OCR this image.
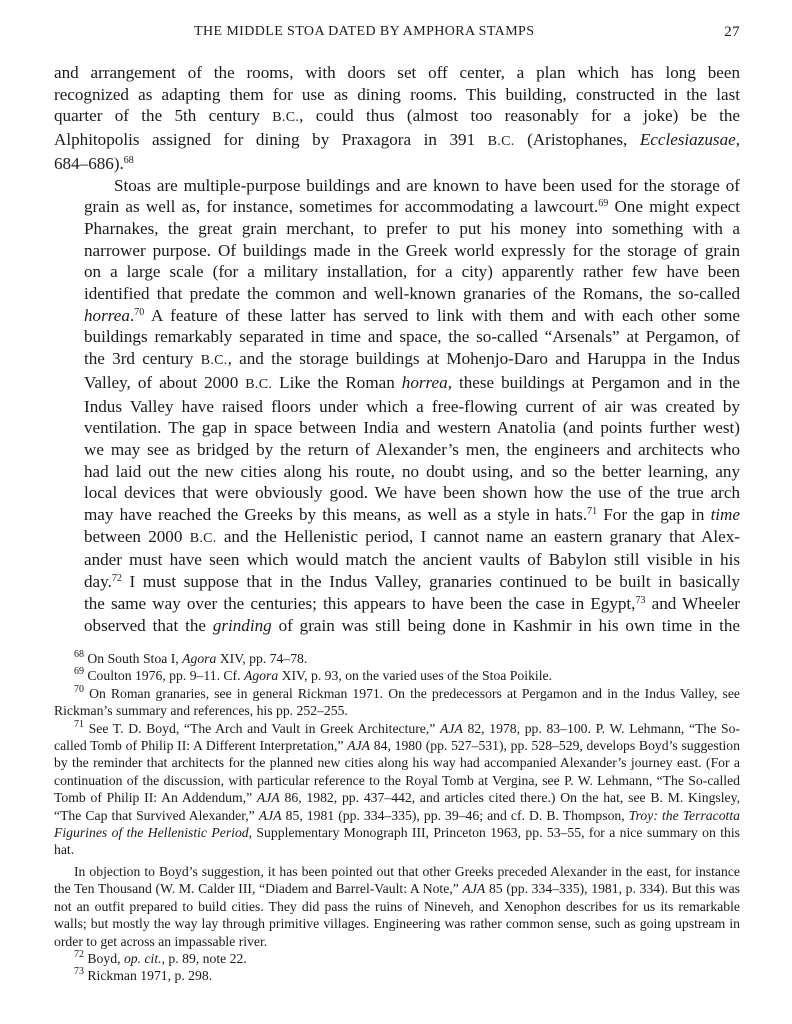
THE MIDDLE STOA DATED BY AMPHORA STAMPS	27

and arrangement of the rooms, with doors set off center, a plan which has long been
recognized as adapting them for use as dining rooms. This building, constructed in the last
quarter of the 5th century B.C., could thus (almost too reasonably for a joke) be the
Alphitopolis assigned for dining by Praxagora in 391 B.C. (Aristophanes, Ecclesiazusae,
684–686).$^{68}$

Stoas are multiple-purpose buildings and are known to have been used for the storage of
grain as well as, for instance, sometimes for accommodating a lawcourt.$^{69}$ One might expect
Pharnakes, the great grain merchant, to prefer to put his money into something with a
narrower purpose. Of buildings made in the Greek world expressly for the storage of grain
on a large scale (for a military installation, for a city) apparently rather few have been
identified that predate the common and well-known granaries of the Romans, the so-called
horrea.$^{70}$ A feature of these latter has served to link with them and with each other some
buildings remarkably separated in time and space, the so-called “Arsenals” at Pergamon, of
the 3rd century B.C., and the storage buildings at Mohenjo-Daro and Haruppa in the Indus
Valley, of about 2000 B.C. Like the Roman horrea, these buildings at Pergamon and in the
Indus Valley have raised floors under which a free-flowing current of air was created by
ventilation. The gap in space between India and western Anatolia (and points further west)
we may see as bridged by the return of Alexander’s men, the engineers and architects who
had laid out the new cities along his route, no doubt using, and so the better learning, any
local devices that were obviously good. We have been shown how the use of the true arch
may have reached the Greeks by this means, as well as a style in hats.$^{71}$ For the gap in time
between 2000 B.C. and the Hellenistic period, I cannot name an eastern granary that Alex-
ander must have seen which would match the ancient vaults of Babylon still visible in his
day.$^{72}$ I must suppose that in the Indus Valley, granaries continued to be built in basically
the same way over the centuries; this appears to have been the case in Egypt,$^{73}$ and Wheeler
observed that the grinding of grain was still being done in Kashmir in his own time in the

$^{68}$ On South Stoa I, Agora XIV, pp. 74–78.

$^{69}$ Coulton 1976, pp. 9–11. Cf. Agora XIV, p. 93, on the varied uses of the Stoa Poikile.

$^{70}$ On Roman granaries, see in general Rickman 1971. On the predecessors at Pergamon and in the Indus Valley, see Rickman’s summary and references, his pp. 252–255.

$^{71}$ See T. D. Boyd, “The Arch and Vault in Greek Architecture,” AJA 82, 1978, pp. 83–100. P. W. Lehmann, “The So-called Tomb of Philip II: A Different Interpretation,” AJA 84, 1980 (pp. 527–531), pp. 528–529, develops Boyd’s suggestion by the reminder that architects for the planned new cities along his way had accompanied Alexander’s journey east. (For a continuation of the discussion, with particular reference to the Royal Tomb at Vergina, see P. W. Lehmann, “The So-called Tomb of Philip II: An Addendum,” AJA 86, 1982, pp. 437–442, and articles cited there.) On the hat, see B. M. Kingsley, “The Cap that Survived Alexander,” AJA 85, 1981 (pp. 334–335), pp. 39–46; and cf. D. B. Thompson, Troy: the Terracotta Figurines of the Hellenistic Period, Supplementary Monograph III, Princeton 1963, pp. 53–55, for a nice summary on this hat.

In objection to Boyd’s suggestion, it has been pointed out that other Greeks preceded Alexander in the east, for instance the Ten Thousand (W. M. Calder III, “Diadem and Barrel-Vault: A Note,” AJA 85 (pp. 334–335), 1981, p. 334). But this was not an outfit prepared to build cities. They did pass the ruins of Nineveh, and Xenophon describes for us its remarkable walls; but mostly the way lay through primitive villages. Engineering was rather common sense, such as going upstream in order to get across an impassable river.

$^{72}$ Boyd, op. cit., p. 89, note 22.

$^{73}$ Rickman 1971, p. 298.
